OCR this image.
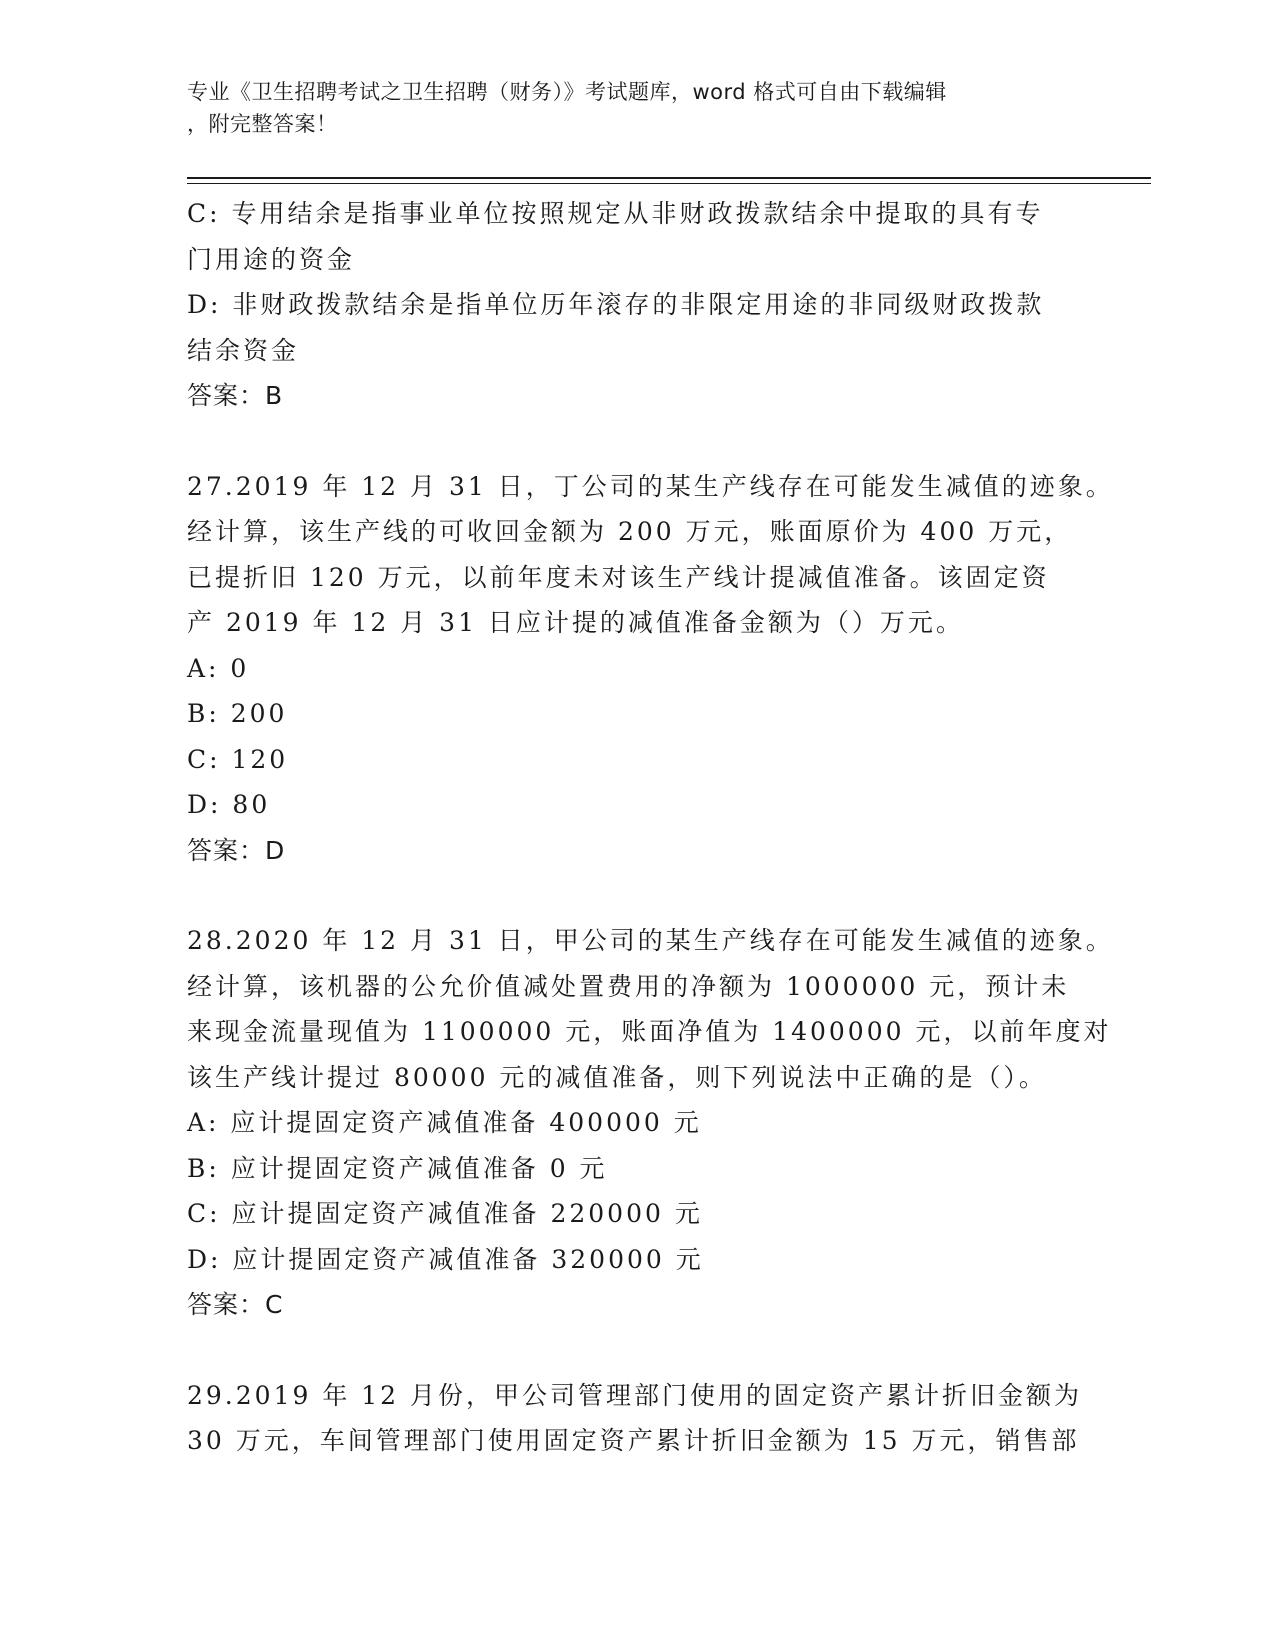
专业《卫生招聘考试之卫生招聘（财务）》考试题库，word 格式可自由下载编辑
，附完整答案！
C: 专用结余是指事业单位按照规定从非财政拨款结余中提取的具有专
门用途的资金
D: 非财政拨款结余是指单位历年滚存的非限定用途的非同级财政拨款
结余资金
答案：B
27.2019 年 12 月 31 日，丁公司的某生产线存在可能发生减值的迹象。
经计算，该生产线的可收回金额为 200 万元，账面原价为 400 万元，
已提折旧 120 万元，以前年度未对该生产线计提减值准备。该固定资
产 2019 年 12 月 31 日应计提的减值准备金额为（）万元。
A: 0
B: 200
C: 120
D: 80
答案：D
28.2020 年 12 月 31 日，甲公司的某生产线存在可能发生减值的迹象。
经计算，该机器的公允价值减处置费用的净额为 1000000 元，预计未
来现金流量现值为 1100000 元，账面净值为 1400000 元，以前年度对
该生产线计提过 80000 元的减值准备，则下列说法中正确的是（）。
A: 应计提固定资产减值准备 400000 元
B: 应计提固定资产减值准备 0 元
C: 应计提固定资产减值准备 220000 元
D: 应计提固定资产减值准备 320000 元
答案：C
29.2019 年 12 月份，甲公司管理部门使用的固定资产累计折旧金额为
30 万元，车间管理部门使用固定资产累计折旧金额为 15 万元，销售部
